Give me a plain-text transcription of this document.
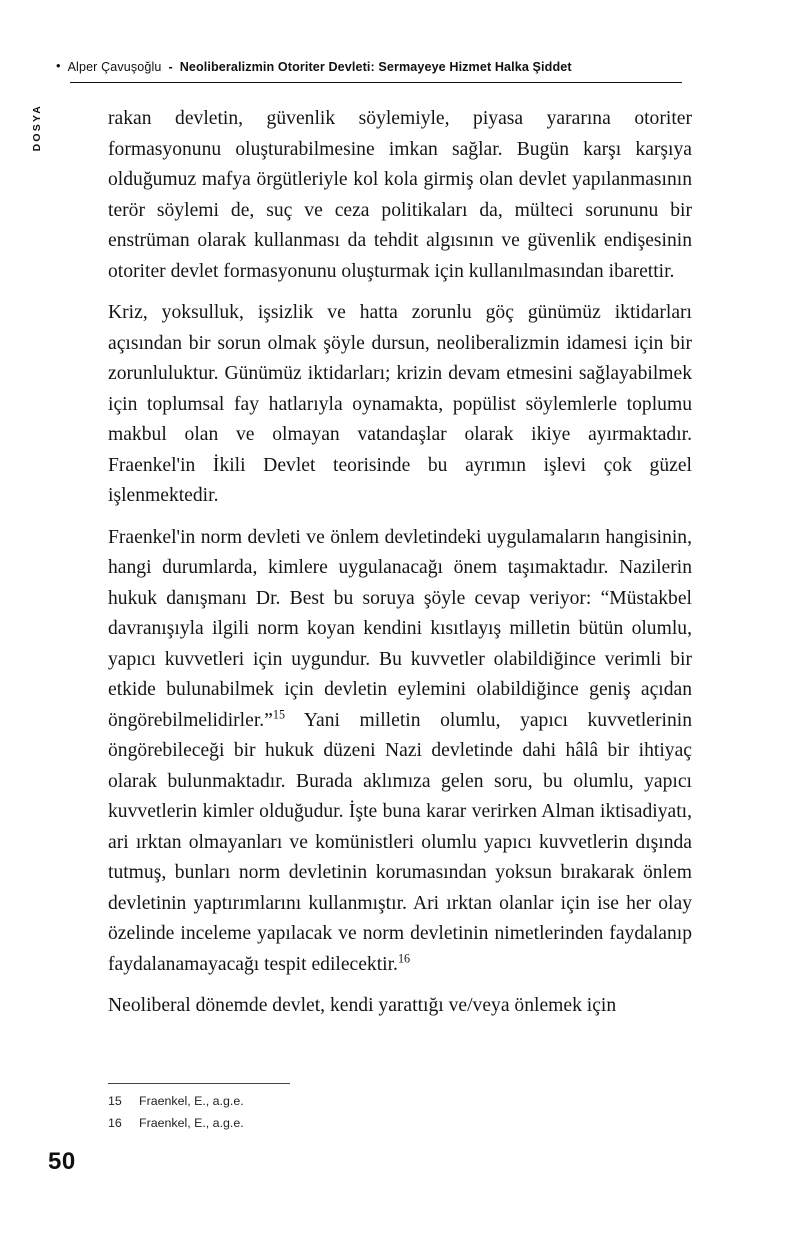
• Alper Çavuşoğlu - Neoliberalizmin Otoriter Devleti: Sermayeye Hizmet Halka Şiddet
DOSYA	rakan devletin, güvenlik söylemiyle, piyasa yararına otoriter formasyonunu oluşturabilmesine imkan sağlar. Bugün karşı karşıya olduğumuz mafya örgütleriyle kol kola girmiş olan devlet yapılanmasının terör söylemi de, suç ve ceza politikaları da, mülteci sorununu bir enstrüman olarak kullanması da tehdit algısının ve güvenlik endişesinin otoriter devlet formasyonunu oluşturmak için kullanılmasından ibarettir.

Kriz, yoksulluk, işsizlik ve hatta zorunlu göç günümüz iktidarları açısından bir sorun olmak şöyle dursun, neoliberalizmin idamesi için bir zorunluluktur. Günümüz iktidarları; krizin devam etmesini sağlayabilmek için toplumsal fay hatlarıyla oynamakta, popülist söylemlerle toplumu makbul olan ve olmayan vatandaşlar olarak ikiye ayırmaktadır. Fraenkel'in İkili Devlet teorisinde bu ayrımın işlevi çok güzel işlenmektedir.

Fraenkel'in norm devleti ve önlem devletindeki uygulamaların hangisinin, hangi durumlarda, kimlere uygulanacağı önem taşımaktadır. Nazilerin hukuk danışmanı Dr. Best bu soruya şöyle cevap veriyor: “Müstakbel davranışıyla ilgili norm koyan kendini kısıtlayış milletin bütün olumlu, yapıcı kuvvetleri için uygundur. Bu kuvvetler olabildiğince verimli bir etkide bulunabilmek için devletin eylemini olabildiğince geniş açıdan öngörebilmelidirler.”$^{15}$ Yani milletin olumlu, yapıcı kuvvetlerinin öngörebileceği bir hukuk düzeni Nazi devletinde dahi hâlâ bir ihtiyaç olarak bulunmaktadır. Burada aklımıza gelen soru, bu olumlu, yapıcı kuvvetlerin kimler olduğudur. İşte buna karar verirken Alman iktisadiyatı, ari ırktan olmayanları ve komünistleri olumlu yapıcı kuvvetlerin dışında tutmuş, bunları norm devletinin korumasından yoksun bırakarak önlem devletinin yaptırımlarını kullanmıştır. Ari ırktan olanlar için ise her olay özelinde inceleme yapılacak ve norm devletinin nimetlerinden faydalanıp faydalanamayacağı tespit edilecektir.$^{16}$

Neoliberal dönemde devlet, kendi yarattığı ve/veya önlemek için

15	Fraenkel, E., a.g.e.
16	Fraenkel, E., a.g.e.
50
